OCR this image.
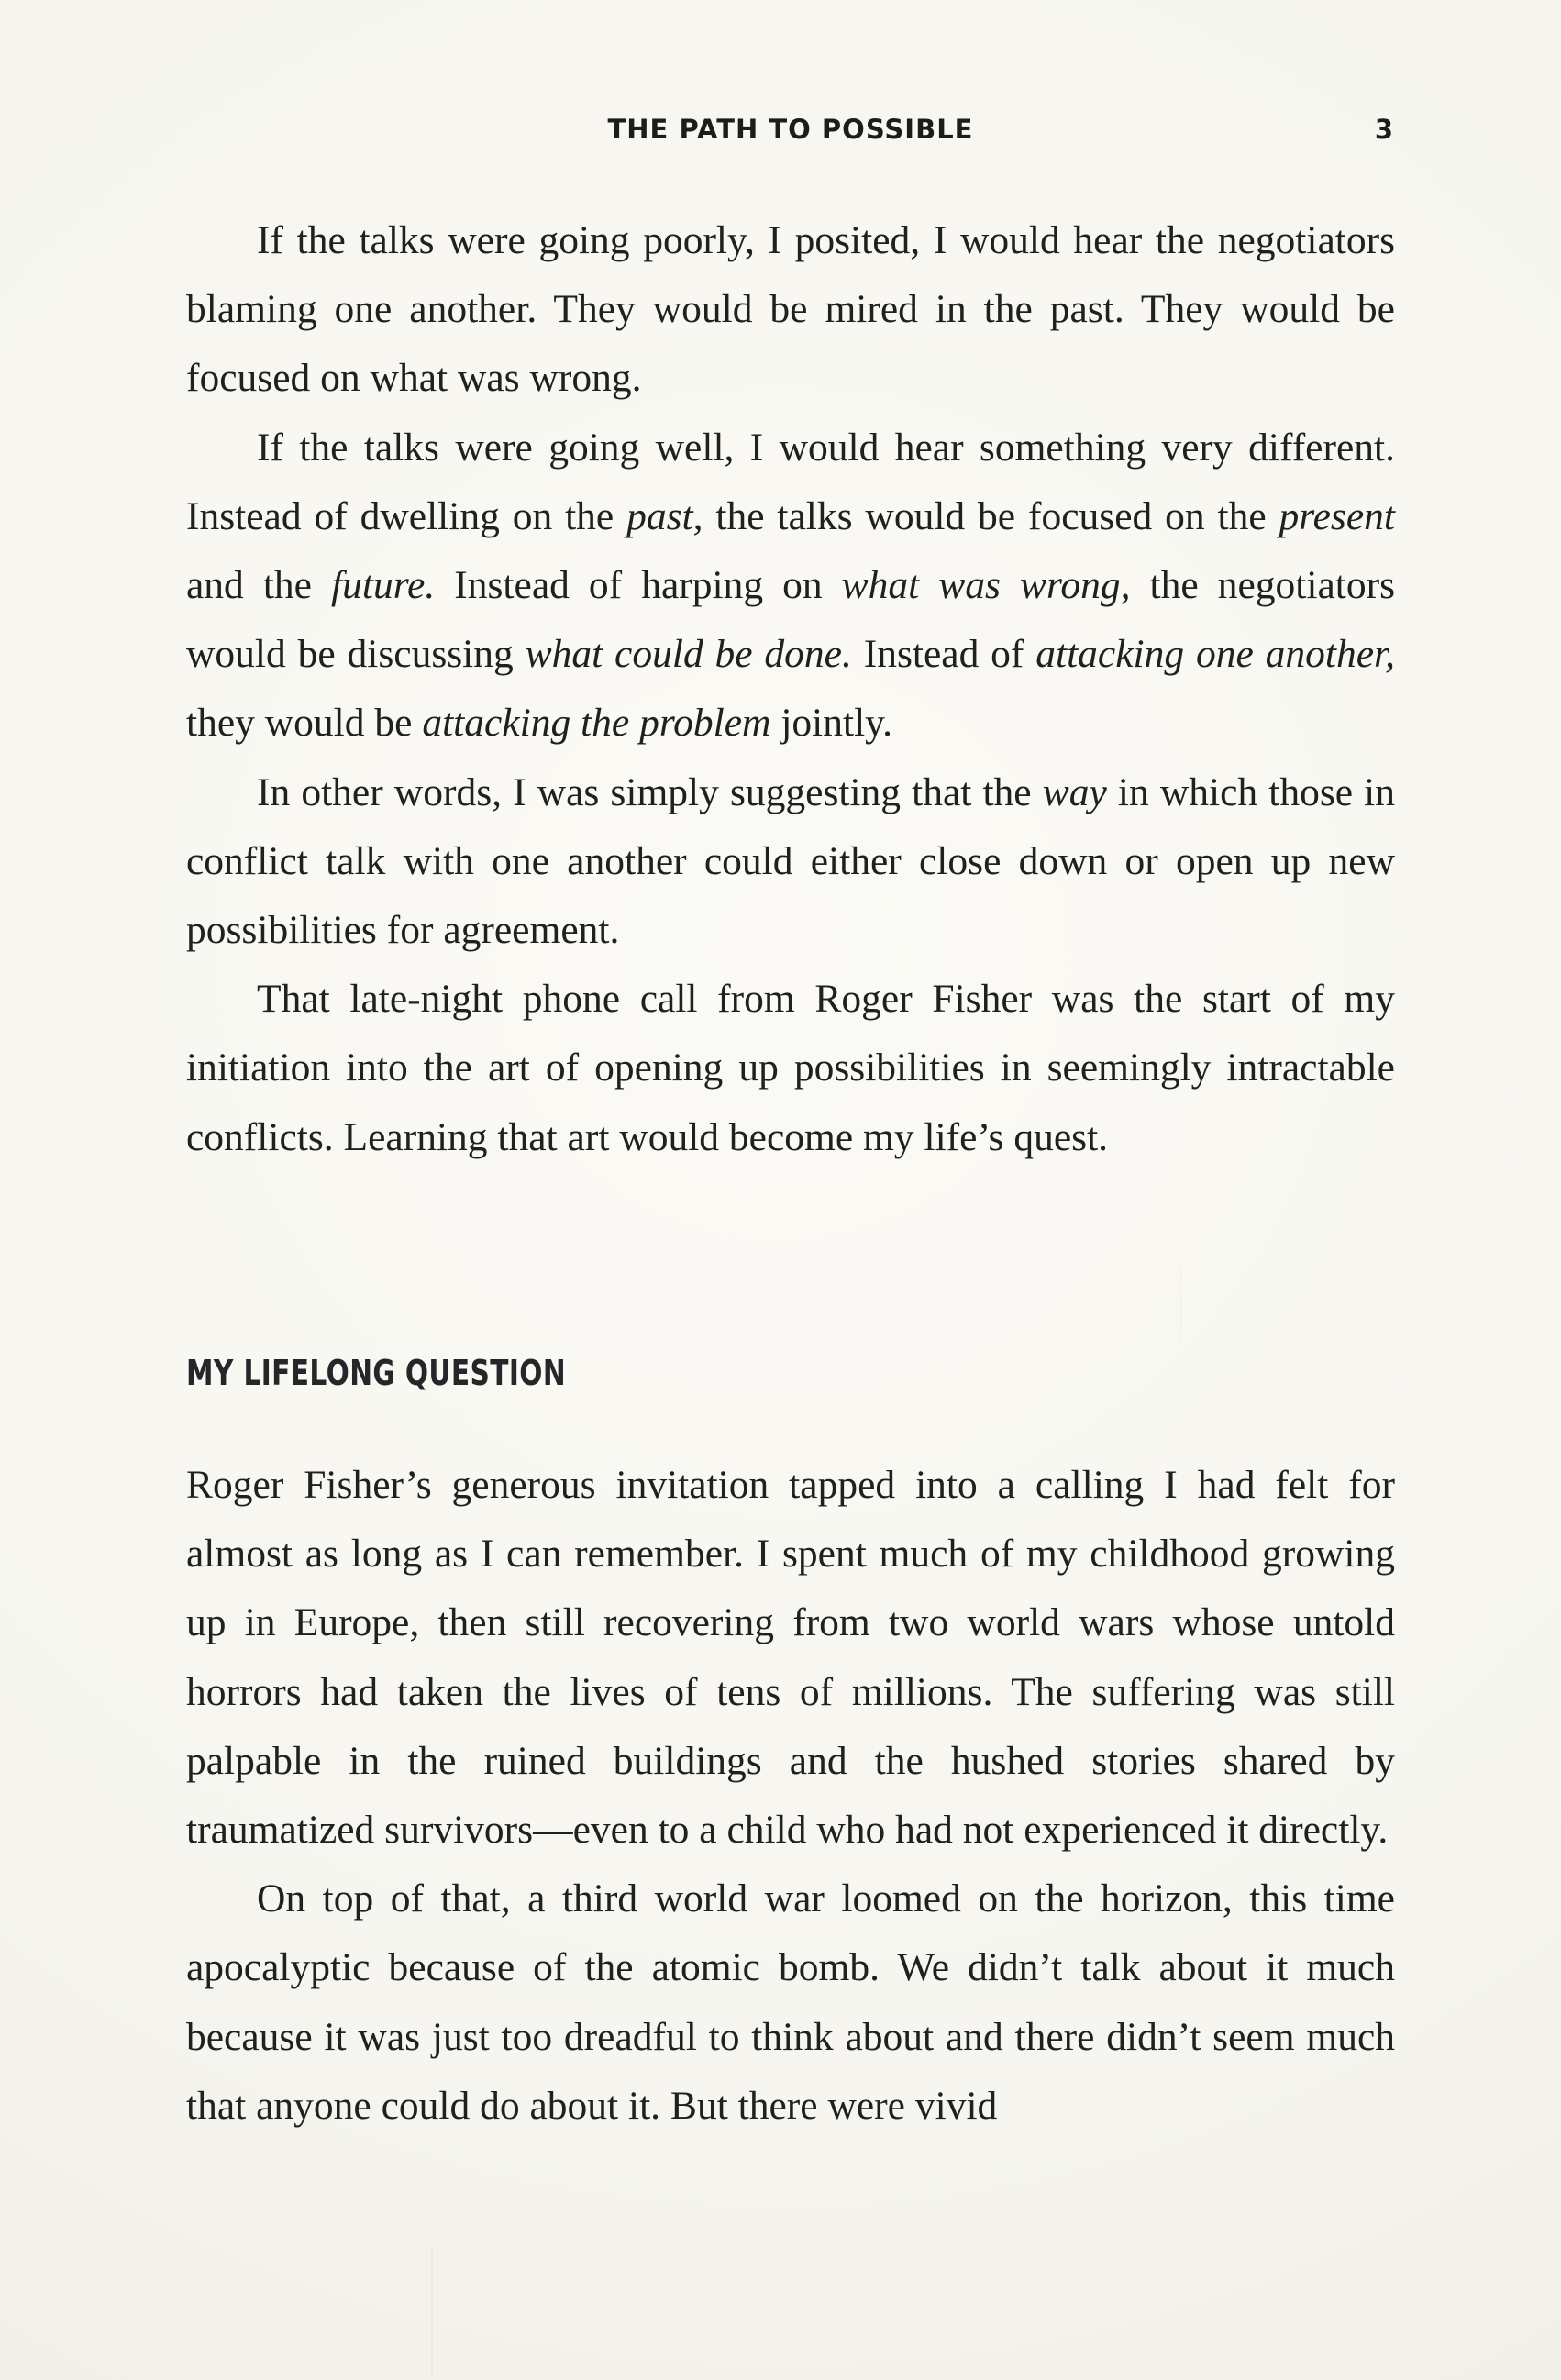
THE PATH TO POSSIBLE	3

If the talks were going poorly, I posited, I would hear the negotiators blaming one another. They would be mired in the past. They would be focused on what was wrong.

If the talks were going well, I would hear something very different. Instead of dwelling on the past, the talks would be focused on the present and the future. Instead of harping on what was wrong, the negotiators would be discussing what could be done. Instead of attacking one another, they would be attacking the problem jointly.

In other words, I was simply suggesting that the way in which those in conflict talk with one another could either close down or open up new possibilities for agreement.

That late-night phone call from Roger Fisher was the start of my initiation into the art of opening up possibilities in seemingly intractable conflicts. Learning that art would become my life’s quest.

MY LIFELONG QUESTION

Roger Fisher’s generous invitation tapped into a calling I had felt for almost as long as I can remember. I spent much of my childhood growing up in Europe, then still recovering from two world wars whose untold horrors had taken the lives of tens of millions. The suffering was still palpable in the ruined buildings and the hushed stories shared by traumatized survivors—even to a child who had not experienced it directly.

On top of that, a third world war loomed on the horizon, this time apocalyptic because of the atomic bomb. We didn’t talk about it much because it was just too dreadful to think about and there didn’t seem much that anyone could do about it. But there were vivid
